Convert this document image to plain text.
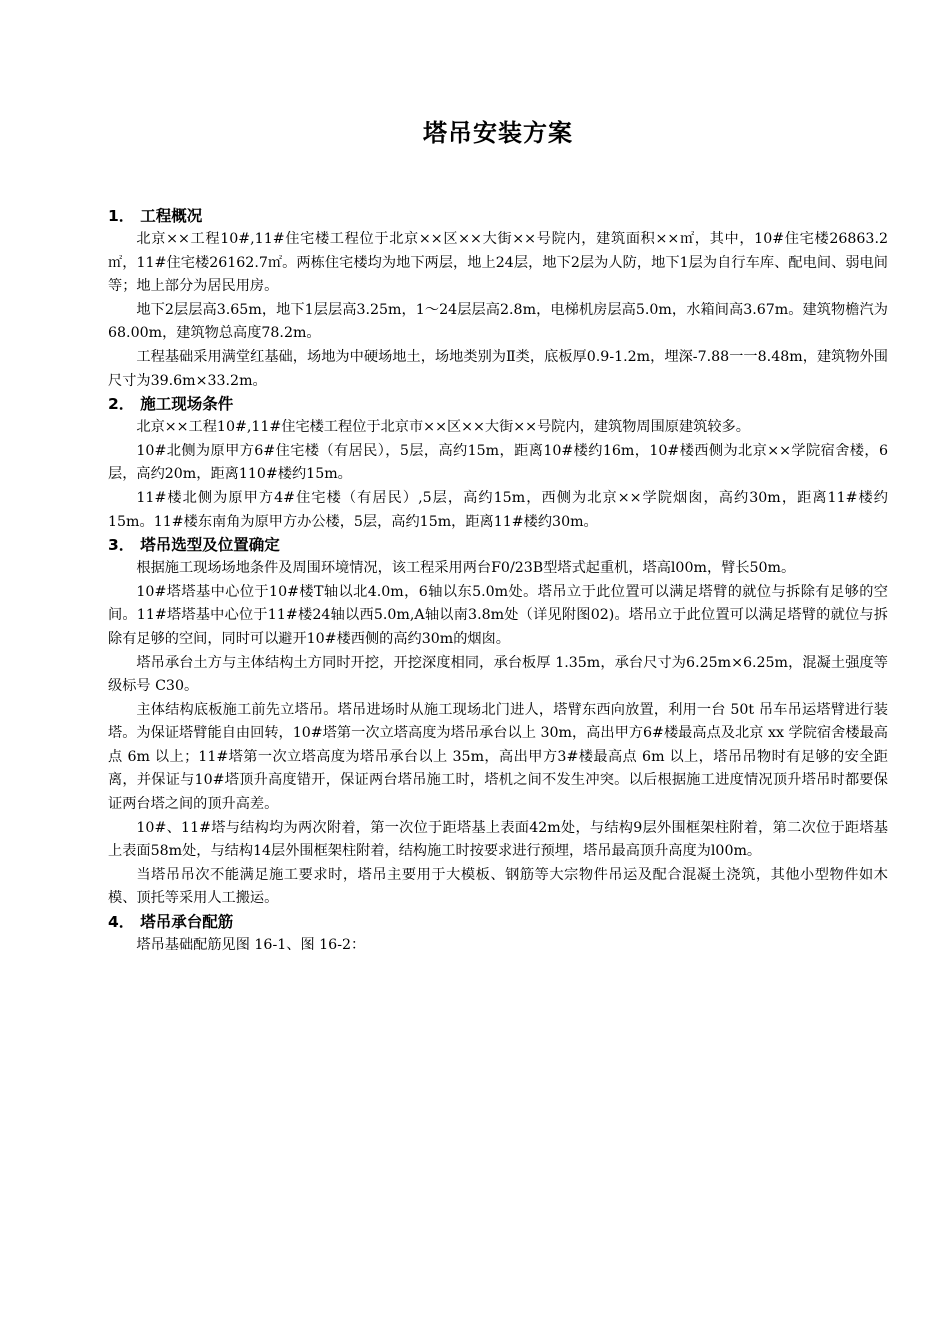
塔吊安装方案
1． 工程概况

北京××工程10#,11#住宅楼工程位于北京××区××大街××号院内，建筑面积××㎡，其中，10#住宅楼26863.2㎡，11#住宅楼26162.7㎡。两栋住宅楼均为地下两层，地上24层，地下2层为人防，地下1层为自行车库、配电间、弱电间等；地上部分为居民用房。

地下2层层高3.65m，地下1层层高3.25m，1～24层层高2.8m，电梯机房层高5.0m，水箱间高3.67m。建筑物檐汽为68.00m，建筑物总高度78.2m。

工程基础采用满堂红基础，场地为中硬场地土，场地类别为Ⅱ类，底板厚0.9-1.2m，埋深-7.88一一8.48m，建筑物外围尺寸为39.6m×33.2m。

2． 施工现场条件

北京××工程10#,11#住宅楼工程位于北京市××区××大街××号院内，建筑物周围原建筑较多。

10#北侧为原甲方6#住宅楼（有居民），5层，高约15m，距离10#楼约16m，10#楼西侧为北京××学院宿舍楼，6层，高约20m，距离110#楼约15m。

11#楼北侧为原甲方4#住宅楼（有居民）,5层，高约15m，西侧为北京××学院烟囱，高约30m，距离11#楼约15m。11#楼东南角为原甲方办公楼，5层，高约15m，距离11#楼约30m。

3． 塔吊选型及位置确定

根据施工现场场地条件及周围环境情况，该工程采用两台F0/23B型塔式起重机，塔高l00m，臂长50m。

10#塔塔基中心位于10#楼T轴以北4.0m，6轴以东5.0m处。塔吊立于此位置可以满足塔臂的就位与拆除有足够的空间。11#塔塔基中心位于11#楼24轴以西5.0m,A轴以南3.8m处（详见附图02)。塔吊立于此位置可以满足塔臂的就位与拆除有足够的空间，同时可以避开10#楼西侧的高约30m的烟囱。

塔吊承台土方与主体结构土方同时开挖，开挖深度相同，承台板厚 1.35m，承台尺寸为6.25m×6.25m，混凝土强度等级标号 C30。

主体结构底板施工前先立塔吊。塔吊进场时从施工现场北门进人，塔臂东西向放置，利用一台 50t 吊车吊运塔臂进行装塔。为保证塔臂能自由回转，10#塔第一次立塔高度为塔吊承台以上 30m，高出甲方6#楼最高点及北京 xx 学院宿舍楼最高点 6m 以上；11#塔第一次立塔高度为塔吊承台以上 35m，高出甲方3#楼最高点 6m 以上，塔吊吊物时有足够的安全距离，并保证与10#塔顶升高度错开，保证两台塔吊施工时，塔机之间不发生冲突。以后根据施工进度情况顶升塔吊时都要保证两台塔之间的顶升高差。

10#、11#塔与结构均为两次附着，第一次位于距塔基上表面42m处，与结构9层外围框架柱附着，第二次位于距塔基上表面58m处，与结构14层外围框架柱附着，结构施工时按要求进行预埋，塔吊最高顶升高度为l00m。

当塔吊吊次不能满足施工要求时，塔吊主要用于大模板、钢筋等大宗物件吊运及配合混凝土浇筑，其他小型物件如木模、顶托等采用人工搬运。

4． 塔吊承台配筋

塔吊基础配筋见图 16-1、图 16-2：
